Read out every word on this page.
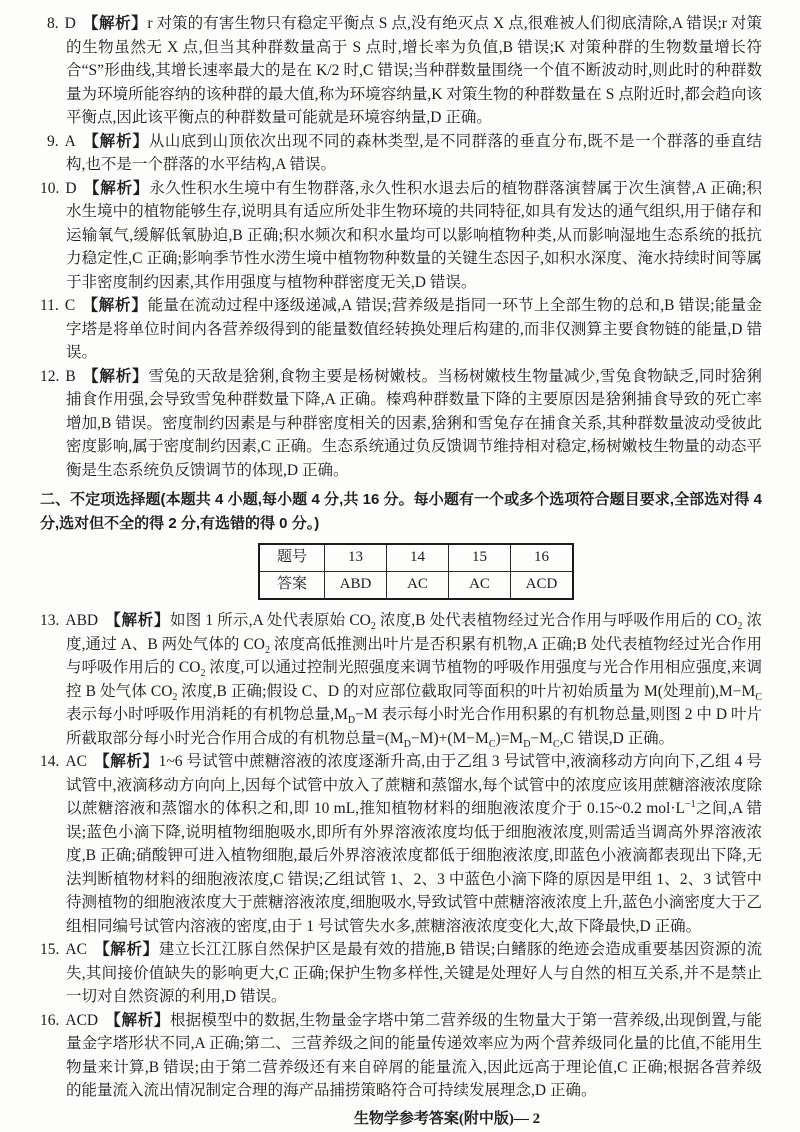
8. D 【解析】r 对策的有害生物只有稳定平衡点 S 点,没有绝灭点 X 点,很难被人们彻底清除,A 错误;r 对策的生物虽然无 X 点,但当其种群数量高于 S 点时,增长率为负值,B 错误;K 对策种群的生物数量增长符合“S”形曲线,其增长速率最大的是在 K/2 时,C 错误;当种群数量围绕一个值不断波动时,则此时的种群数量为环境所能容纳的该种群的最大值,称为环境容纳量,K 对策生物的种群数量在 S 点附近时,都会趋向该平衡点,因此该平衡点的种群数量可能就是环境容纳量,D 正确。
9. A 【解析】从山底到山顶依次出现不同的森林类型,是不同群落的垂直分布,既不是一个群落的垂直结构,也不是一个群落的水平结构,A 错误。
10. D 【解析】永久性积水生境中有生物群落,永久性积水退去后的植物群落演替属于次生演替,A 正确;积水生境中的植物能够生存,说明具有适应所处非生物环境的共同特征,如具有发达的通气组织,用于储存和运输氧气,缓解低氧胁迫,B 正确;积水频次和积水量均可以影响植物种类,从而影响湿地生态系统的抵抗力稳定性,C 正确;影响季节性水涝生境中植物物种数量的关键生态因子,如积水深度、淹水持续时间等属于非密度制约因素,其作用强度与植物种群密度无关,D 错误。
11. C 【解析】能量在流动过程中逐级递减,A 错误;营养级是指同一环节上全部生物的总和,B 错误;能量金字塔是将单位时间内各营养级得到的能量数值经转换处理后构建的,而非仅测算主要食物链的能量,D 错误。
12. B 【解析】雪兔的天敌是猞猁,食物主要是杨树嫩枝。当杨树嫩枝生物量减少,雪兔食物缺乏,同时猞猁捕食作用强,会导致雪兔种群数量下降,A 正确。榛鸡种群数量下降的主要原因是猞猁捕食导致的死亡率增加,B 错误。密度制约因素是与种群密度相关的因素,猞猁和雪兔存在捕食关系,其种群数量波动受彼此密度影响,属于密度制约因素,C 正确。生态系统通过负反馈调节维持相对稳定,杨树嫩枝生物量的动态平衡是生态系统负反馈调节的体现,D 正确。
二、不定项选择题(本题共 4 小题,每小题 4 分,共 16 分。每小题有一个或多个选项符合题目要求,全部选对得 4 分,选对但不全的得 2 分,有选错的得 0 分。)
题号	13	14	15	16
答案	ABD	AC	AC	ACD
13. ABD 【解析】如图 1 所示,A 处代表原始 $CO_2$ 浓度,B 处代表植物经过光合作用与呼吸作用后的 $CO_2$ 浓度,通过 A、B 两处气体的 $CO_2$ 浓度高低推测出叶片是否积累有机物,A 正确;B 处代表植物经过光合作用与呼吸作用后的 $CO_2$ 浓度,可以通过控制光照强度来调节植物的呼吸作用强度与光合作用相应强度,来调控 B 处气体 $CO_2$ 浓度,B 正确;假设 C、D 的对应部位截取同等面积的叶片初始质量为 M(处理前)$,M-M_C$ 表示每小时呼吸作用消耗的有机物总量$,M_D-M$ 表示每小时光合作用积累的有机物总量,则图 2 中 D 叶片所截取部分每小时光合作用合成的有机物总量$=(M_D-M)+(M-M_C)=M_D-M_C,C$ 错误,D 正确。
14. AC 【解析】1~6 号试管中蔗糖溶液的浓度逐渐升高,由于乙组 3 号试管中,液滴移动方向向下,乙组 4 号试管中,液滴移动方向向上,因每个试管中放入了蔗糖和蒸馏水,每个试管中的浓度应该用蔗糖溶液浓度除以蔗糖溶液和蒸馏水的体积之和,即 10 mL,推知植物材料的细胞液浓度介于 0.15~0.2 $mol\cdot L^{-1}$之间,A 错误;蓝色小滴下降,说明植物细胞吸水,即所有外界溶液浓度均低于细胞液浓度,则需适当调高外界溶液浓度,B 正确;硝酸钾可进入植物细胞,最后外界溶液浓度都低于细胞液浓度,即蓝色小液滴都表现出下降,无法判断植物材料的细胞液浓度,C 错误;乙组试管 1、2、3 中蓝色小滴下降的原因是甲组 1、2、3 试管中待测植物的细胞液浓度大于蔗糖溶液浓度,细胞吸水,导致试管中蔗糖溶液浓度上升,蓝色小滴密度大于乙组相同编号试管内溶液的密度,由于 1 号试管失水多,蔗糖溶液浓度变化大,故下降最快,D 正确。
15. AC 【解析】建立长江江豚自然保护区是最有效的措施,B 错误;白鳍豚的绝迹会造成重要基因资源的流失,其间接价值缺失的影响更大,C 正确;保护生物多样性,关键是处理好人与自然的相互关系,并不是禁止一切对自然资源的利用,D 错误。
16. ACD 【解析】根据模型中的数据,生物量金字塔中第二营养级的生物量大于第一营养级,出现倒置,与能量金字塔形状不同,A 正确;第二、三营养级之间的能量传递效率应为两个营养级同化量的比值,不能用生物量来计算,B 错误;由于第二营养级还有来自碎屑的能量流入,因此远高于理论值,C 正确;根据各营养级的能量流入流出情况制定合理的海产品捕捞策略符合可持续发展理念,D 正确。
生物学参考答案(附中版)— 2
